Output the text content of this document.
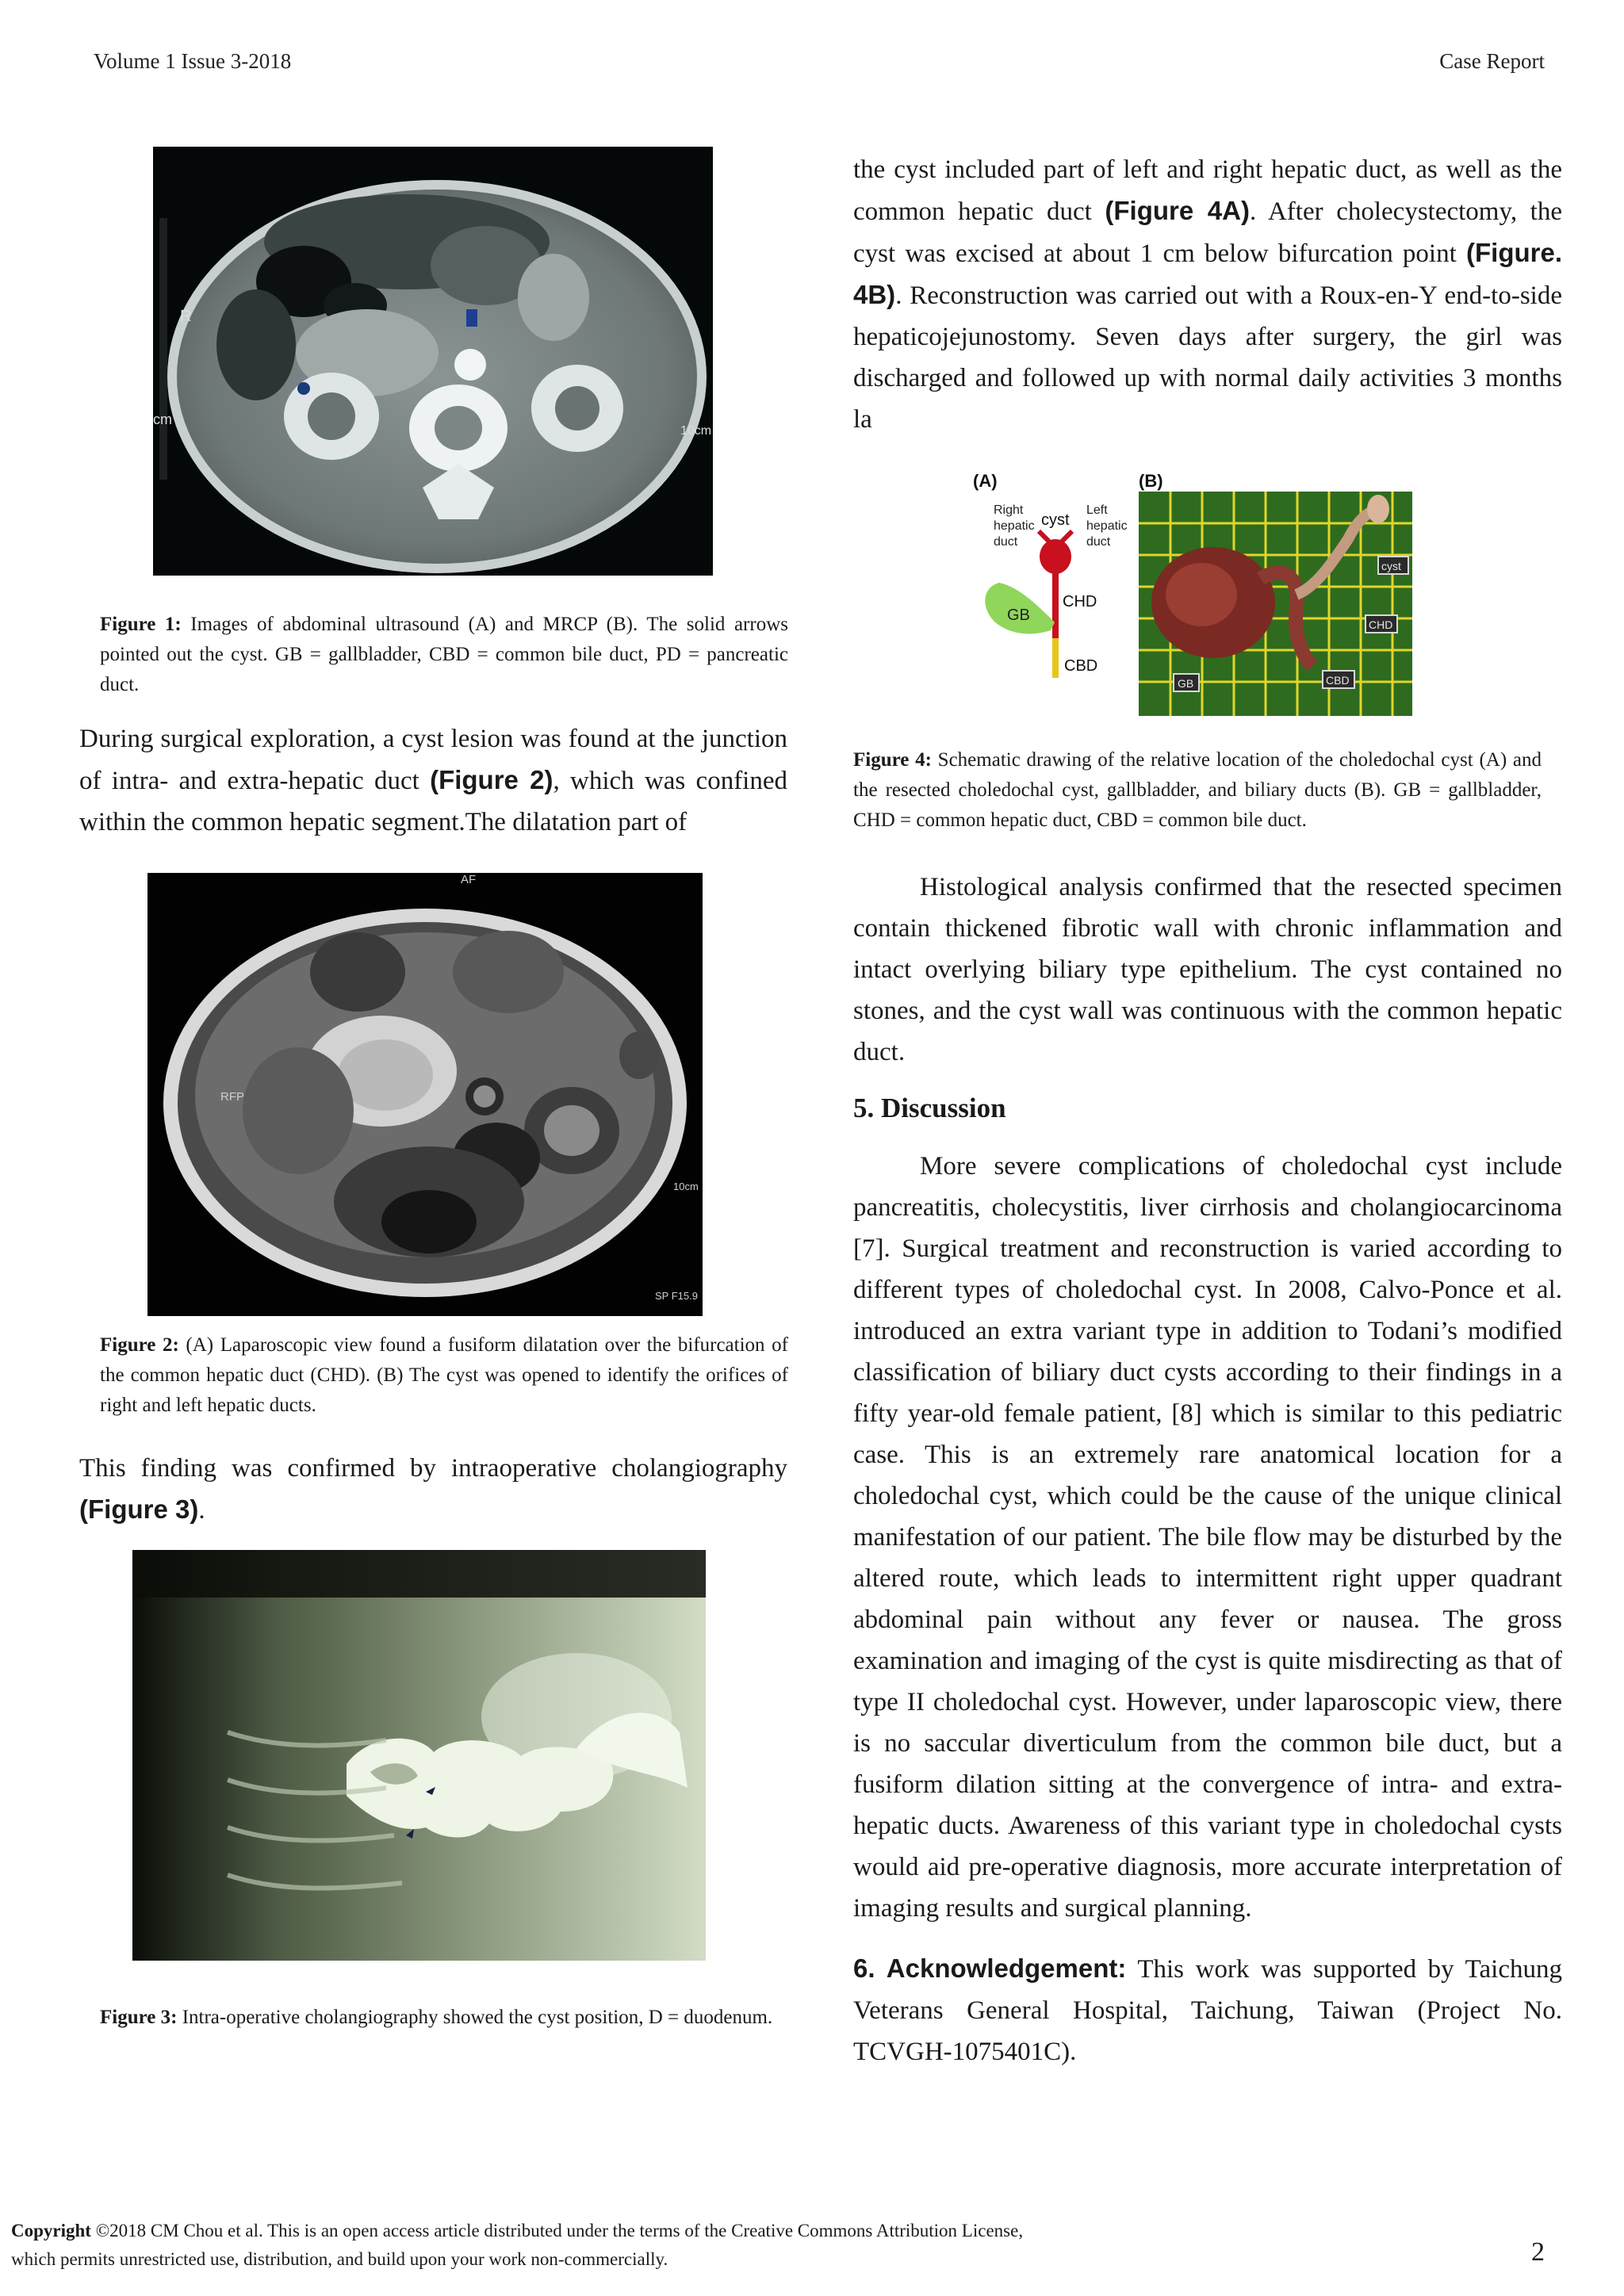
Volume 1 Issue 3-2018	Case Report
R
cm
10cm
Figure 1: Images of abdominal ultrasound (A) and MRCP (B). The solid arrows pointed out the cyst. GB = gallbladder, CBD = common bile duct, PD = pancreatic duct.
During surgical exploration, a cyst lesion was found at the junction of intra- and extra-hepatic duct (Figure 2), which was confined within the common hepatic segment.The dilatation part of
AF
RFP
10cm
SP F15.9
Figure 2: (A) Laparoscopic view found a fusiform dilatation over the bifurcation of the common hepatic duct (CHD). (B) The cyst was opened to identify the orifices of right and left hepatic ducts.
This finding was confirmed by intraoperative cholangiography (Figure 3).
Figure 3: Intra-operative cholangiography showed the cyst position, D = duodenum.
the cyst included part of left and right hepatic duct, as well as the common hepatic duct (Figure 4A). After cholecystectomy, the cyst was excised at about 1 cm below bifurcation point (Figure. 4B). Reconstruction was carried out with a Roux-en-Y end-to-side hepaticojejunostomy. Seven days after surgery, the girl was discharged and followed up with normal daily activities 3 months la
(A)
Right
hepatic
duct
cyst
Left
hepatic
duct
GB
CHD
CBD
(B)
cyst
CHD
CBD
GB
Figure 4: Schematic drawing of the relative location of the choledochal cyst (A) and the resected choledochal cyst, gallbladder, and biliary ducts (B). GB = gallbladder, CHD = common hepatic duct, CBD = common bile duct.
Histological analysis confirmed that the resected specimen contain thickened fibrotic wall with chronic inflammation and intact overlying biliary type epithelium. The cyst contained no stones, and the cyst wall was continuous with the common hepatic duct.
5. Discussion
More severe complications of choledochal cyst include pancreatitis, cholecystitis, liver cirrhosis and cholangiocarcinoma [7]. Surgical treatment and reconstruction is varied according to different types of choledochal cyst. In 2008, Calvo-Ponce et al. introduced an extra variant type in addition to Todani’s modified classification of biliary duct cysts according to their findings in a fifty year-old female patient, [8] which is similar to this pediatric case. This is an extremely rare anatomical location for a choledochal cyst, which could be the cause of the unique clinical manifestation of our patient. The bile flow may be disturbed by the altered route, which leads to intermittent right upper quadrant abdominal pain without any fever or nausea. The gross examination and imaging of the cyst is quite misdirecting as that of type II choledochal cyst. However, under laparoscopic view, there is no saccular diverticulum from the common bile duct, but a fusiform dilation sitting at the convergence of intra- and extra-hepatic ducts. Awareness of this variant type in choledochal cysts would aid pre-operative diagnosis, more accurate interpretation of imaging results and surgical planning.
6. Acknowledgement: This work was supported by Taichung Veterans General Hospital, Taichung, Taiwan (Project No. TCVGH-1075401C).
Copyright ©2018 CM Chou et al. This is an open access article distributed under the terms of the Creative Commons Attribution License,
which permits unrestricted use, distribution, and build upon your work non-commercially.	2
